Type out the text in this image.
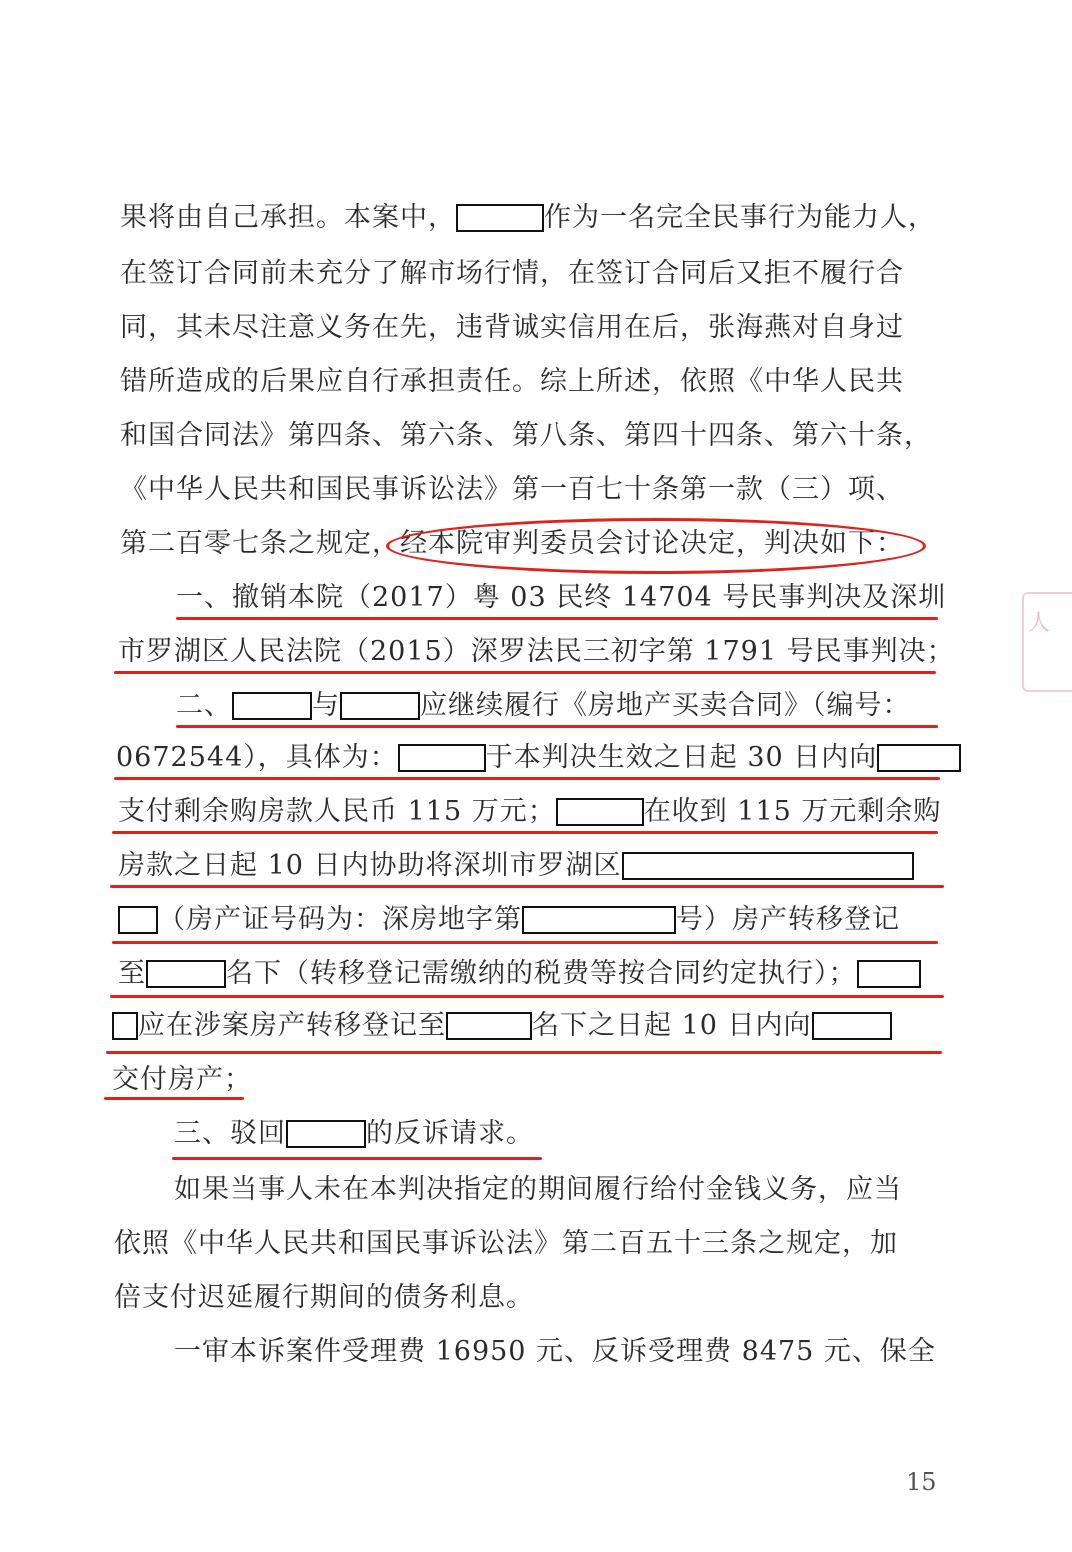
人
果将由自己承担。本案中，	作为一名完全民事行为能力人，
在签订合同前未充分了解市场行情，在签订合同后又拒不履行合
同，其未尽注意义务在先，违背诚实信用在后，张海燕对自身过
错所造成的后果应自行承担责任。综上所述，依照《中华人民共
和国合同法》第四条、第六条、第八条、第四十四条、第六十条，
《中华人民共和国民事诉讼法》第一百七十条第一款（三）项、
第二百零七条之规定，经本院审判委员会讨论决定，判决如下：
一、撤销本院（2017）粤 03 民终 14704 号民事判决及深圳
市罗湖区人民法院（2015）深罗法民三初字第 1791 号民事判决；
二、	与	应继续履行《房地产买卖合同》（编号：
0672544），具体为：	于本判决生效之日起 30 日内向
支付剩余购房款人民币 115 万元；	在收到 115 万元剩余购
房款之日起 10 日内协助将深圳市罗湖区
（房产证号码为：深房地字第	号）房产转移登记
至	名下（转移登记需缴纳的税费等按合同约定执行）；
应在涉案房产转移登记至	名下之日起 10 日内向
交付房产；
三、驳回	的反诉请求。
如果当事人未在本判决指定的期间履行给付金钱义务，应当
依照《中华人民共和国民事诉讼法》第二百五十三条之规定，加
倍支付迟延履行期间的债务利息。
一审本诉案件受理费 16950 元、反诉受理费 8475 元、保全
15
